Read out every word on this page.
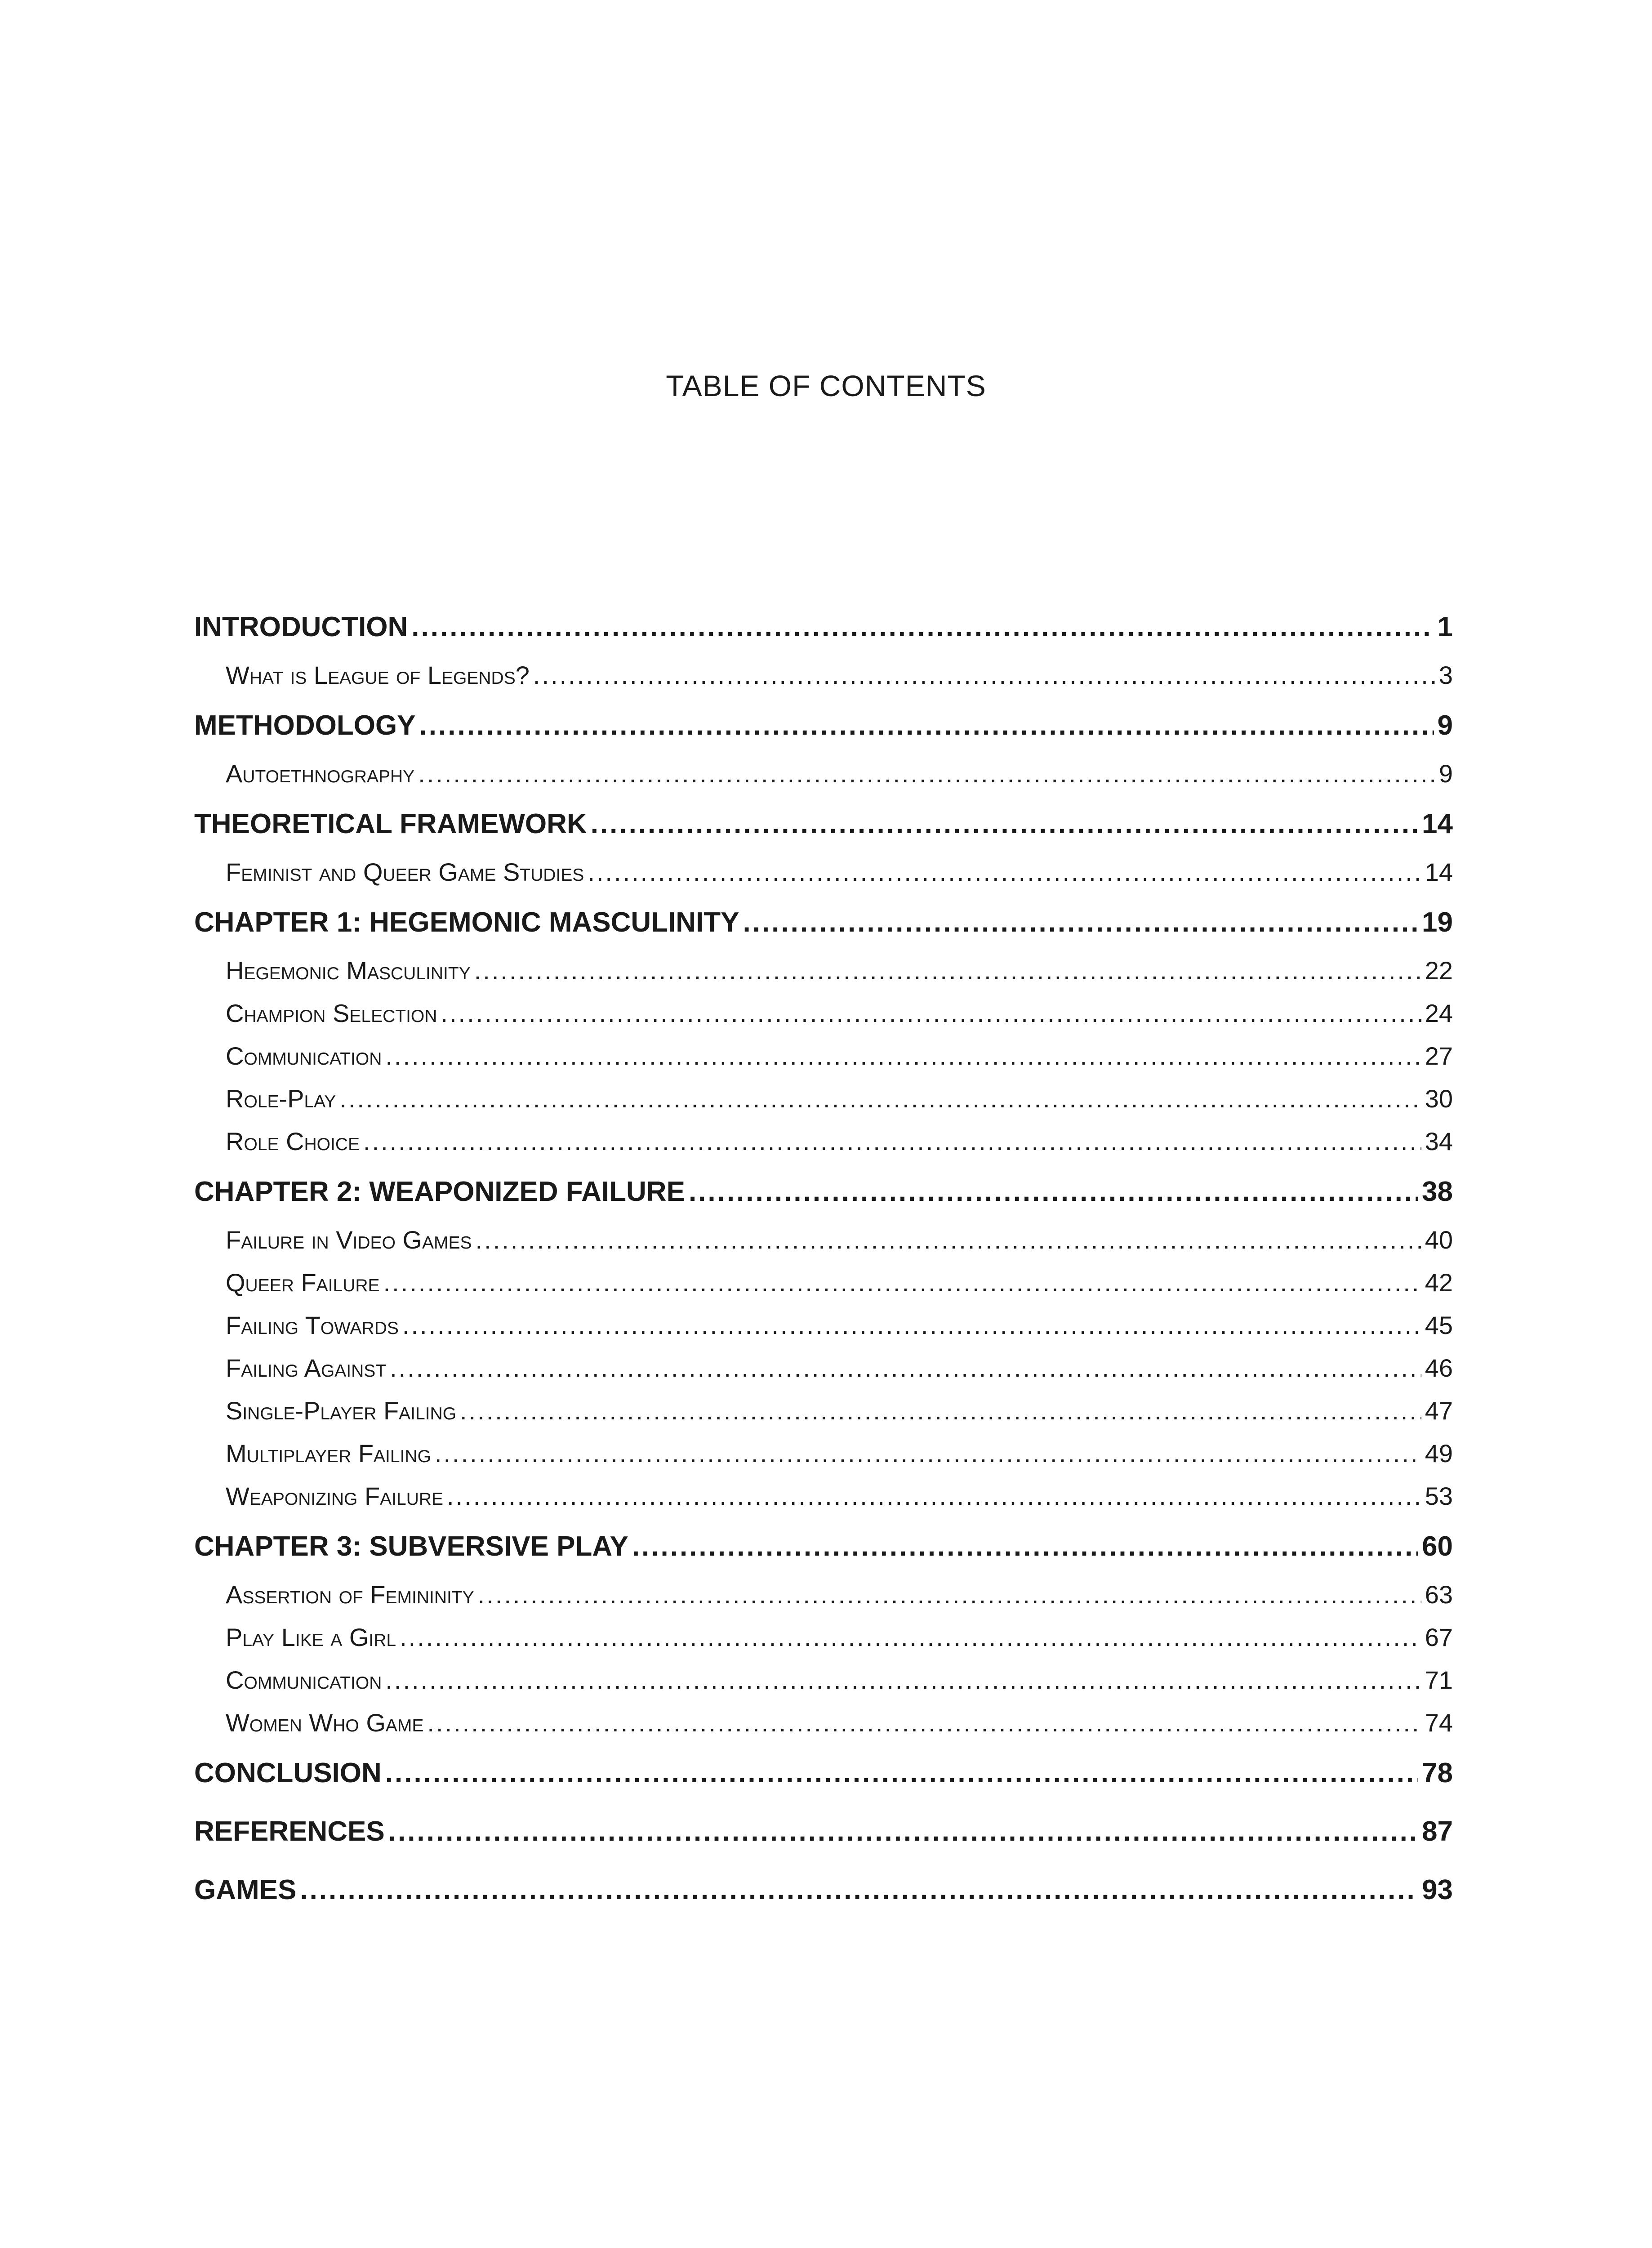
TABLE OF CONTENTS
INTRODUCTION .....	1
What is League of Legends? .....	3
METHODOLOGY .....	9
Autoethnography .....	9
THEORETICAL FRAMEWORK .....	14
Feminist and Queer Game Studies .....	14
CHAPTER 1: HEGEMONIC MASCULINITY .....	19
Hegemonic Masculinity .....	22
Champion Selection .....	24
Communication .....	27
Role-Play .....	30
Role Choice .....	34
CHAPTER 2: WEAPONIZED FAILURE .....	38
Failure in Video Games .....	40
Queer Failure .....	42
Failing Towards .....	45
Failing Against .....	46
Single-Player Failing .....	47
Multiplayer Failing .....	49
Weaponizing Failure .....	53
CHAPTER 3: SUBVERSIVE PLAY .....	60
Assertion of Femininity .....	63
Play Like a Girl .....	67
Communication .....	71
Women Who Game .....	74
CONCLUSION .....	78
REFERENCES .....	87
GAMES .....	93
